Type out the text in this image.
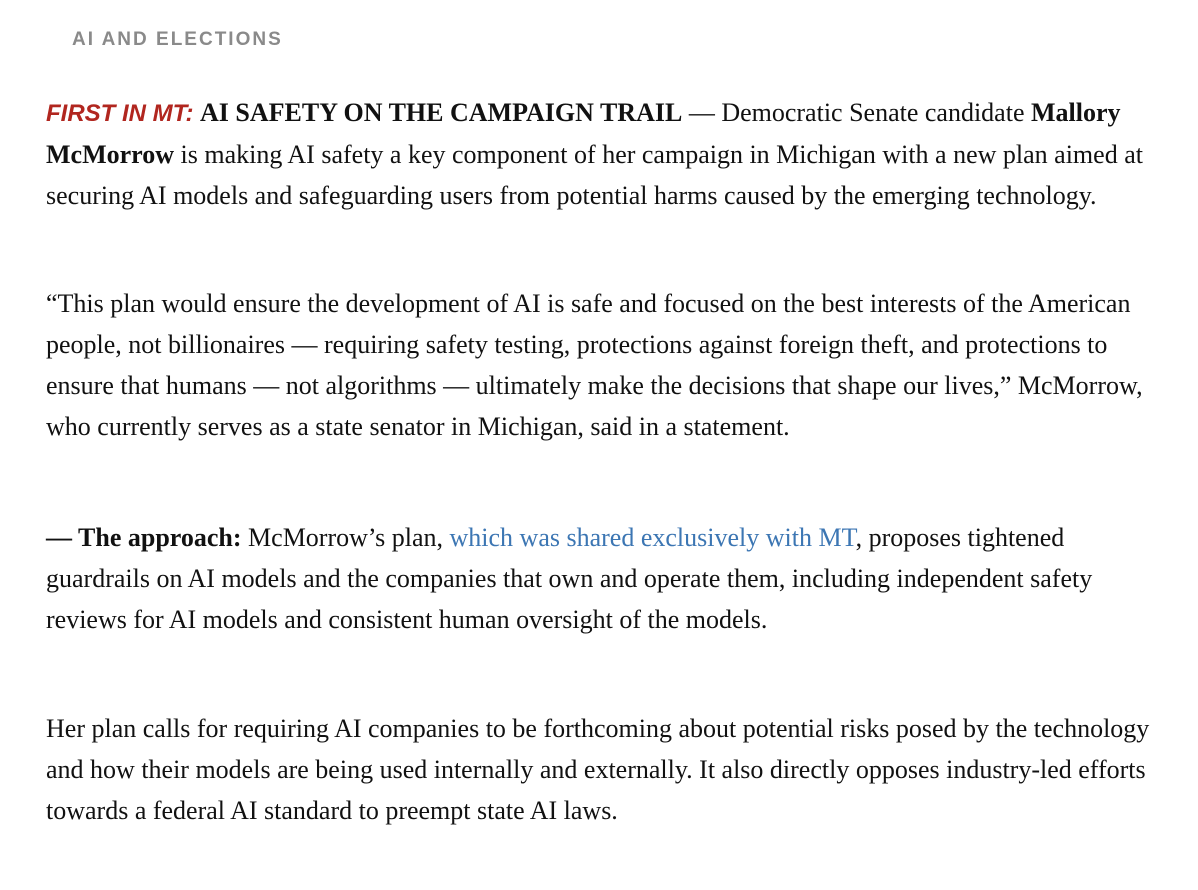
AI AND ELECTIONS

FIRST IN MT: AI SAFETY ON THE CAMPAIGN TRAIL — Democratic Senate candidate Mallory McMorrow is making AI safety a key component of her campaign in Michigan with a new plan aimed at securing AI models and safeguarding users from potential harms caused by the emerging technology.

“This plan would ensure the development of AI is safe and focused on the best interests of the American people, not billionaires — requiring safety testing, protections against foreign theft, and protections to ensure that humans — not algorithms — ultimately make the decisions that shape our lives,” McMorrow, who currently serves as a state senator in Michigan, said in a statement.

— The approach: McMorrow’s plan, which was shared exclusively with MT, proposes tightened guardrails on AI models and the companies that own and operate them, including independent safety reviews for AI models and consistent human oversight of the models.

Her plan calls for requiring AI companies to be forthcoming about potential risks posed by the technology and how their models are being used internally and externally. It also directly opposes industry-led efforts towards a federal AI standard to preempt state AI laws.
